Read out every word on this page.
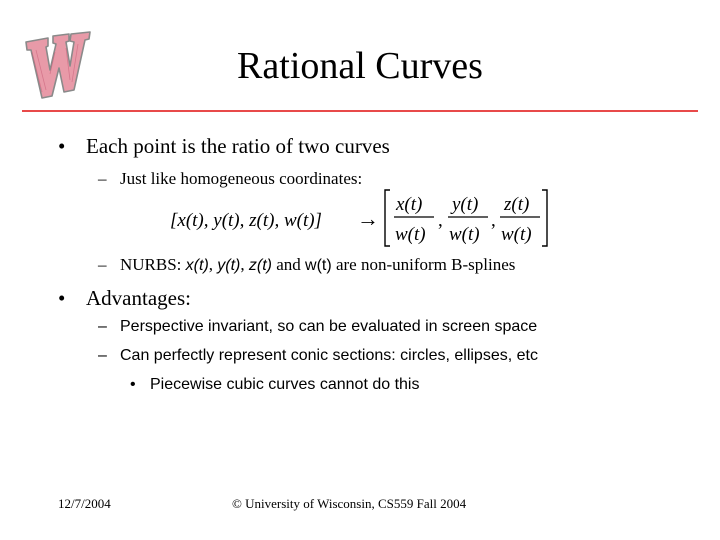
Rational Curves
• Each point is the ratio of two curves
– Just like homogeneous coordinates:
[x(t), y(t), z(t), w(t)] →
x(t)
w(t)
,
y(t)
w(t)
,
z(t)
w(t)
– NURBS: x(t), y(t), z(t) and w(t) are non-uniform B-splines
• Advantages:
– Perspective invariant, so can be evaluated in screen space
– Can perfectly represent conic sections: circles, ellipses, etc
• Piecewise cubic curves cannot do this
12/7/2004	© University of Wisconsin, CS559 Fall 2004
